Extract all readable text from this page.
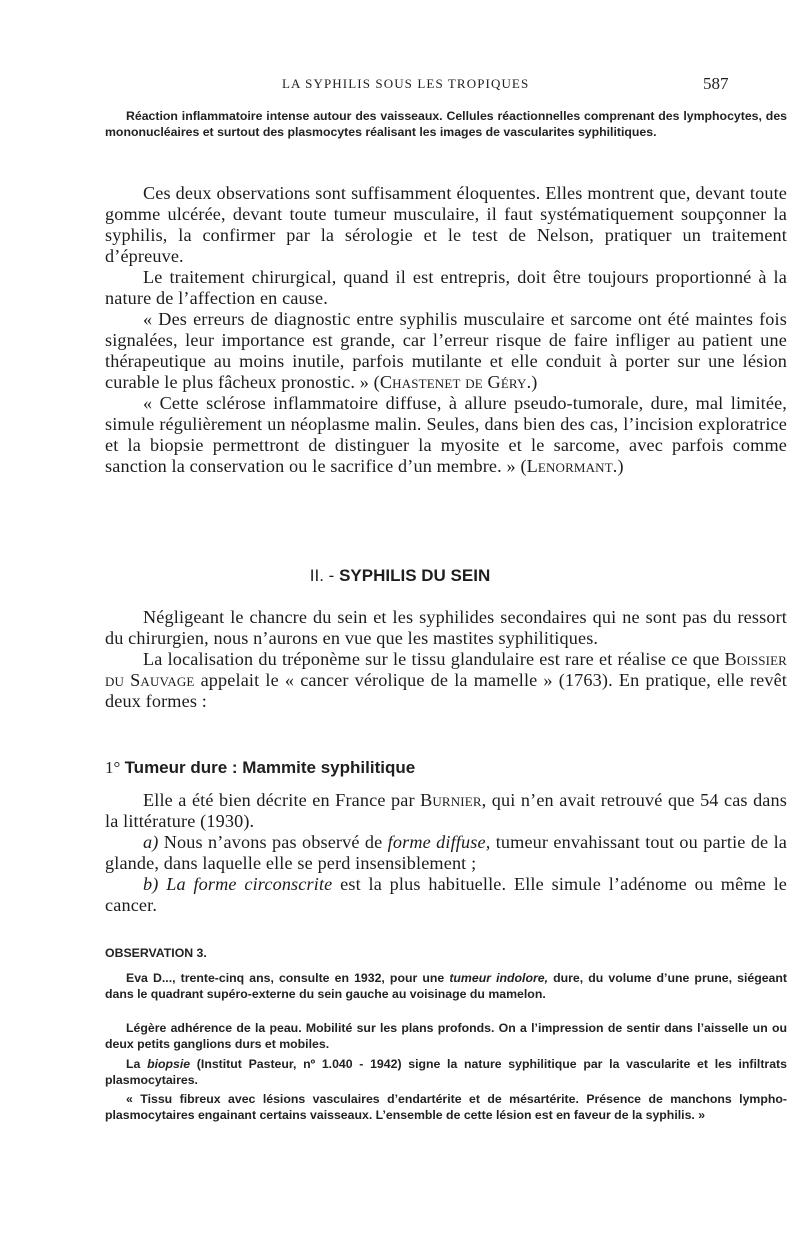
LA SYPHILIS SOUS LES TROPIQUES	587

Réaction inflammatoire intense autour des vaisseaux. Cellules réactionnelles comprenant des lymphocytes, des mononucléaires et surtout des plasmocytes réalisant les images de vascularites syphilitiques.

Ces deux observations sont suffisamment éloquentes. Elles montrent que, devant toute gomme ulcérée, devant toute tumeur musculaire, il faut systématiquement soupçonner la syphilis, la confirmer par la sérologie et le test de Nelson, pratiquer un traitement d’épreuve.

Le traitement chirurgical, quand il est entrepris, doit être toujours proportionné à la nature de l’affection en cause.

« Des erreurs de diagnostic entre syphilis musculaire et sarcome ont été maintes fois signalées, leur importance est grande, car l’erreur risque de faire infliger au patient une thérapeutique au moins inutile, parfois mutilante et elle conduit à porter sur une lésion curable le plus fâcheux pronostic. » (Chastenet de Géry.)

« Cette sclérose inflammatoire diffuse, à allure pseudo-tumorale, dure, mal limitée, simule régulièrement un néoplasme malin. Seules, dans bien des cas, l’incision exploratrice et la biopsie permettront de distinguer la myosite et le sarcome, avec parfois comme sanction la conservation ou le sacrifice d’un membre. » (Lenormant.)

II. - SYPHILIS DU SEIN

Négligeant le chancre du sein et les syphilides secondaires qui ne sont pas du ressort du chirurgien, nous n’aurons en vue que les mastites syphilitiques.

La localisation du tréponème sur le tissu glandulaire est rare et réalise ce que Boissier du Sauvage appelait le « cancer vérolique de la mamelle » (1763). En pratique, elle revêt deux formes :

1° Tumeur dure : Mammite syphilitique

Elle a été bien décrite en France par Burnier, qui n’en avait retrouvé que 54 cas dans la littérature (1930).

a) Nous n’avons pas observé de forme diffuse, tumeur envahissant tout ou partie de la glande, dans laquelle elle se perd insensiblement ;

b) La forme circonscrite est la plus habituelle. Elle simule l’adénome ou même le cancer.

OBSERVATION 3.

Eva D..., trente-cinq ans, consulte en 1932, pour une tumeur indolore, dure, du volume d’une prune, siégeant dans le quadrant supéro-externe du sein gauche au voisinage du mamelon.

Légère adhérence de la peau. Mobilité sur les plans profonds. On a l’impression de sentir dans l’aisselle un ou deux petits ganglions durs et mobiles.

La biopsie (Institut Pasteur, nº 1.040 - 1942) signe la nature syphilitique par la vascularite et les infiltrats plasmocytaires.

« Tissu fibreux avec lésions vasculaires d’endartérite et de mésartérite. Présence de manchons lympho-plasmocytaires engainant certains vaisseaux. L’ensemble de cette lésion est en faveur de la syphilis. »
